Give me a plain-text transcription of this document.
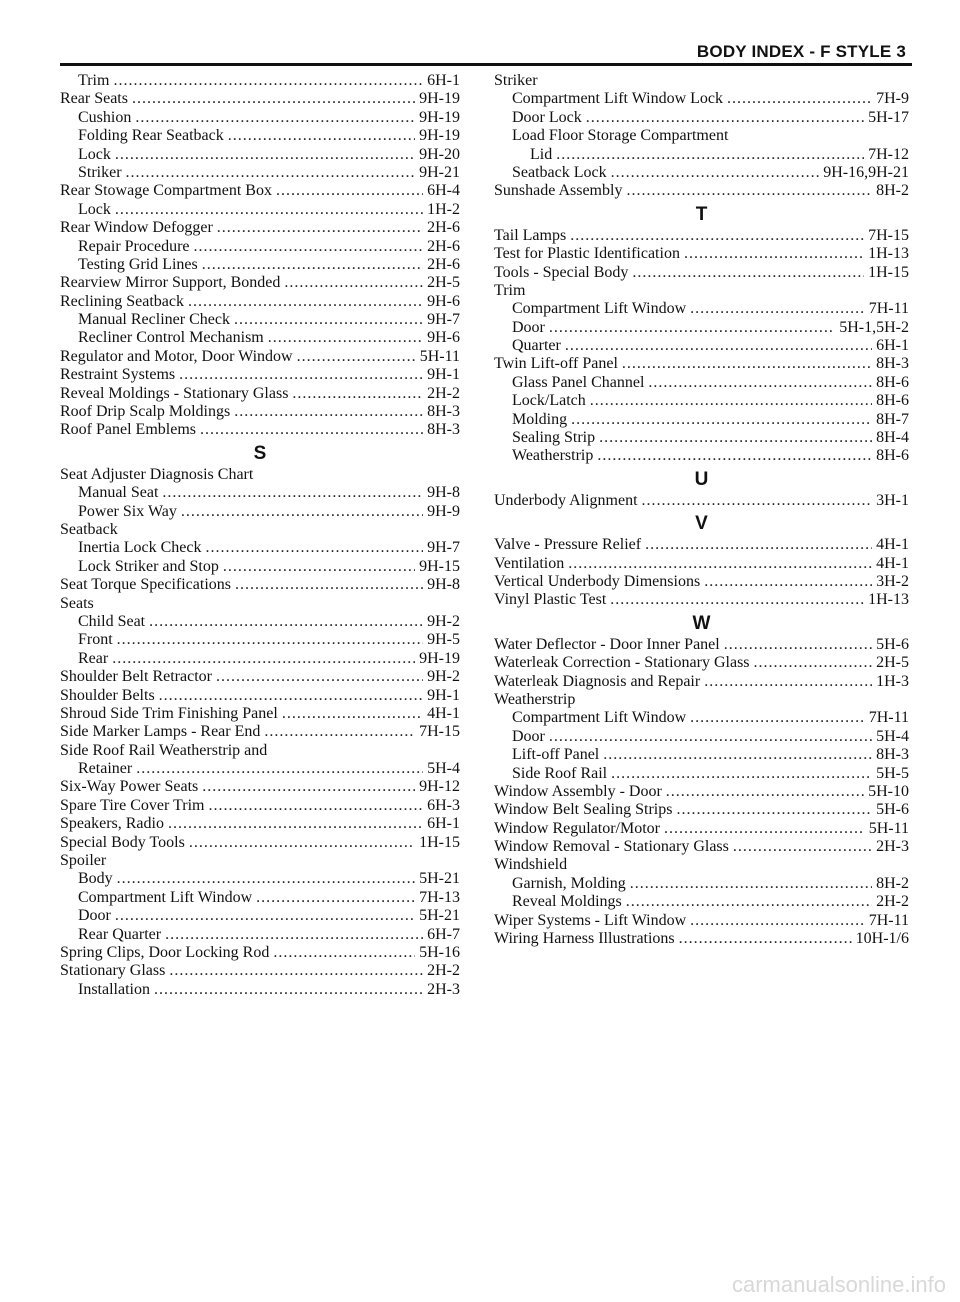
BODY INDEX - F STYLE 3
Trim .....	6H-1
Rear Seats .....	9H-19
Cushion .....	9H-19
Folding Rear Seatback .....	9H-19
Lock .....	9H-20
Striker .....	9H-21
Rear Stowage Compartment Box .....	6H-4
Lock .....	1H-2
Rear Window Defogger .....	2H-6
Repair Procedure .....	2H-6
Testing Grid Lines .....	2H-6
Rearview Mirror Support, Bonded .....	2H-5
Reclining Seatback .....	9H-6
Manual Recliner Check .....	9H-7
Recliner Control Mechanism .....	9H-6
Regulator and Motor, Door Window .....	5H-11
Restraint Systems .....	9H-1
Reveal Moldings - Stationary Glass .....	2H-2
Roof Drip Scalp Moldings .....	8H-3
Roof Panel Emblems .....	8H-3
S
Seat Adjuster Diagnosis Chart
Manual Seat .....	9H-8
Power Six Way .....	9H-9
Seatback
Inertia Lock Check .....	9H-7
Lock Striker and Stop .....	9H-15
Seat Torque Specifications .....	9H-8
Seats
Child Seat .....	9H-2
Front .....	9H-5
Rear .....	9H-19
Shoulder Belt Retractor .....	9H-2
Shoulder Belts .....	9H-1
Shroud Side Trim Finishing Panel .....	4H-1
Side Marker Lamps - Rear End .....	7H-15
Side Roof Rail Weatherstrip and
Retainer .....	5H-4
Six-Way Power Seats .....	9H-12
Spare Tire Cover Trim .....	6H-3
Speakers, Radio .....	6H-1
Special Body Tools .....	1H-15
Spoiler
Body .....	5H-21
Compartment Lift Window .....	7H-13
Door .....	5H-21
Rear Quarter .....	6H-7
Spring Clips, Door Locking Rod .....	5H-16
Stationary Glass .....	2H-2
Installation .....	2H-3
Striker
Compartment Lift Window Lock .....	7H-9
Door Lock .....	5H-17
Load Floor Storage Compartment
Lid .....	7H-12
Seatback Lock .....	9H-16,9H-21
Sunshade Assembly .....	8H-2
T
Tail Lamps .....	7H-15
Test for Plastic Identification .....	1H-13
Tools - Special Body .....	1H-15
Trim
Compartment Lift Window .....	7H-11
Door .....	5H-1,5H-2
Quarter .....	6H-1
Twin Lift-off Panel .....	8H-3
Glass Panel Channel .....	8H-6
Lock/Latch .....	8H-6
Molding .....	8H-7
Sealing Strip .....	8H-4
Weatherstrip .....	8H-6
U
Underbody Alignment .....	3H-1
V
Valve - Pressure Relief .....	4H-1
Ventilation .....	4H-1
Vertical Underbody Dimensions .....	3H-2
Vinyl Plastic Test .....	1H-13
W
Water Deflector - Door Inner Panel .....	5H-6
Waterleak Correction - Stationary Glass .....	2H-5
Waterleak Diagnosis and Repair .....	1H-3
Weatherstrip
Compartment Lift Window .....	7H-11
Door .....	5H-4
Lift-off Panel .....	8H-3
Side Roof Rail .....	5H-5
Window Assembly - Door .....	5H-10
Window Belt Sealing Strips .....	5H-6
Window Regulator/Motor .....	5H-11
Window Removal - Stationary Glass .....	2H-3
Windshield
Garnish, Molding .....	8H-2
Reveal Moldings .....	2H-2
Wiper Systems - Lift Window .....	7H-11
Wiring Harness Illustrations .....	10H-1/6
carmanualsonline.info
